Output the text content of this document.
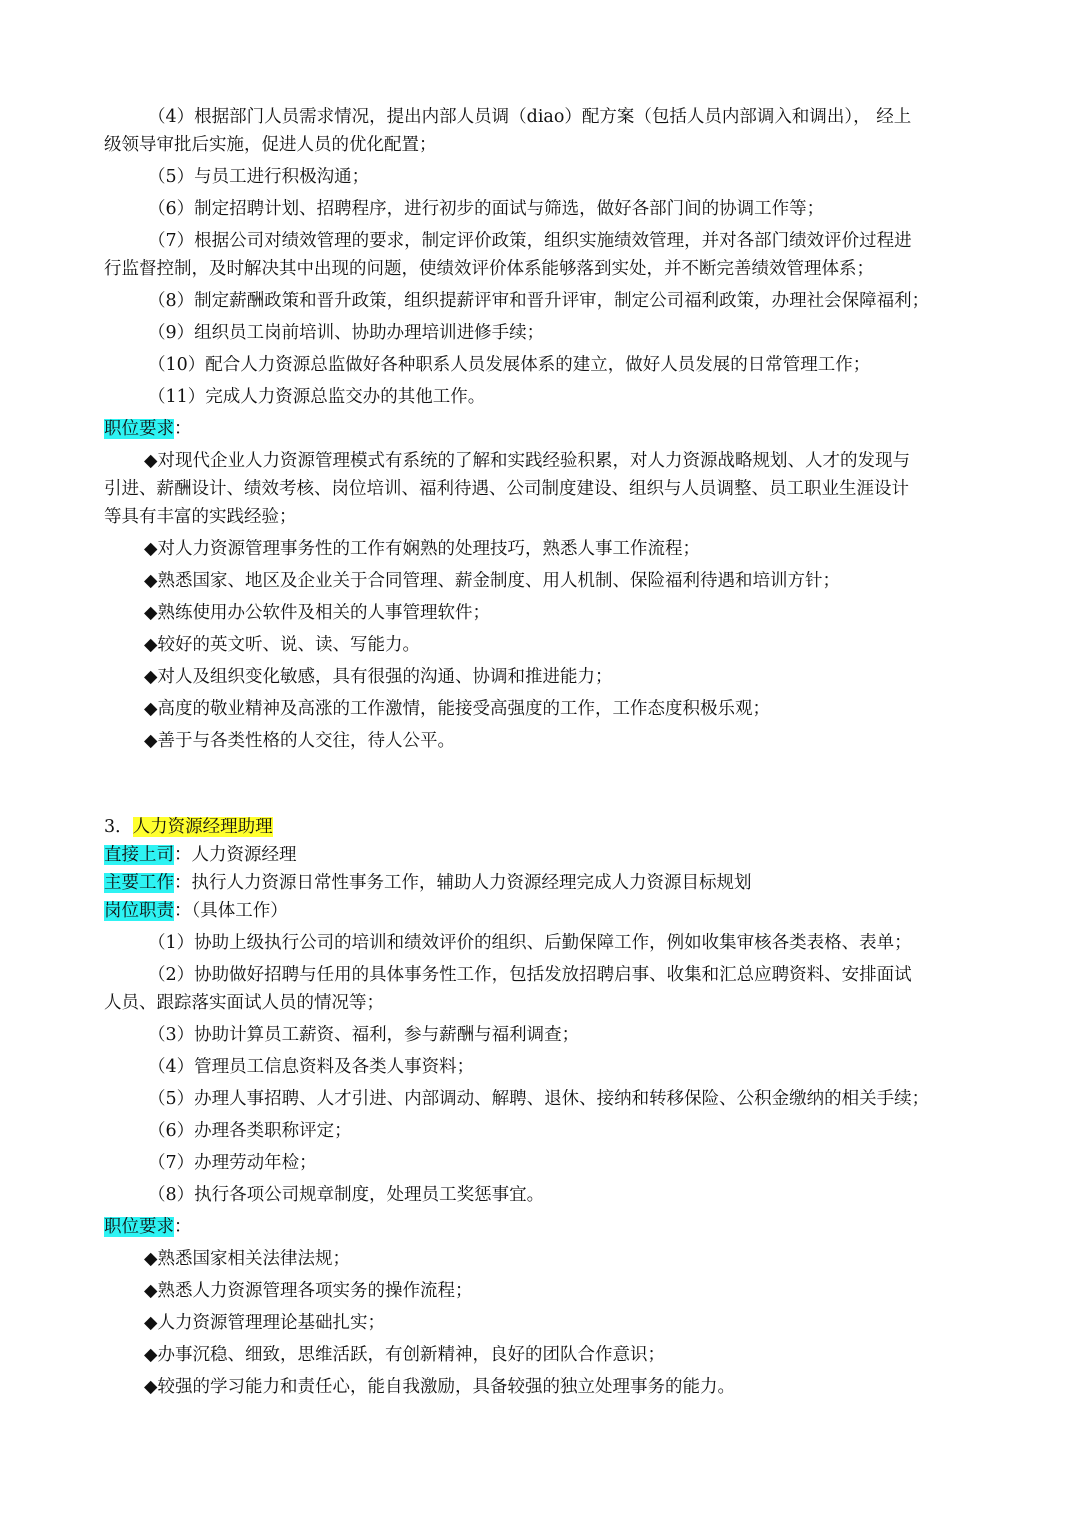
（4）根据部门人员需求情况，提出内部人员调（diao）配方案（包括人员内部调入和调出）， 经上
级领导审批后实施，促进人员的优化配置；
（5）与员工进行积极沟通；
（6）制定招聘计划、招聘程序，进行初步的面试与筛选，做好各部门间的协调工作等；
（7）根据公司对绩效管理的要求，制定评价政策，组织实施绩效管理，并对各部门绩效评价过程进
行监督控制，及时解决其中出现的问题，使绩效评价体系能够落到实处，并不断完善绩效管理体系；
（8）制定薪酬政策和晋升政策，组织提薪评审和晋升评审，制定公司福利政策，办理社会保障福利；
（9）组织员工岗前培训、协助办理培训进修手续；
（10）配合人力资源总监做好各种职系人员发展体系的建立，做好人员发展的日常管理工作；
（11）完成人力资源总监交办的其他工作。
职位要求：
◆对现代企业人力资源管理模式有系统的了解和实践经验积累，对人力资源战略规划、人才的发现与
引进、薪酬设计、绩效考核、岗位培训、福利待遇、公司制度建设、组织与人员调整、员工职业生涯设计
等具有丰富的实践经验；
◆对人力资源管理事务性的工作有娴熟的处理技巧，熟悉人事工作流程；
◆熟悉国家、地区及企业关于合同管理、薪金制度、用人机制、保险福利待遇和培训方针；
◆熟练使用办公软件及相关的人事管理软件；
◆较好的英文听、说、读、写能力。
◆对人及组织变化敏感，具有很强的沟通、协调和推进能力；
◆高度的敬业精神及高涨的工作激情，能接受高强度的工作，工作态度积极乐观；
◆善于与各类性格的人交往，待人公平。
3．人力资源经理助理
直接上司：人力资源经理
主要工作：执行人力资源日常性事务工作，辅助人力资源经理完成人力资源目标规划
岗位职责：（具体工作）
（1）协助上级执行公司的培训和绩效评价的组织、后勤保障工作，例如收集审核各类表格、表单；
（2）协助做好招聘与任用的具体事务性工作，包括发放招聘启事、收集和汇总应聘资料、安排面试
人员、跟踪落实面试人员的情况等；
（3）协助计算员工薪资、福利，参与薪酬与福利调查；
（4）管理员工信息资料及各类人事资料；
（5）办理人事招聘、人才引进、内部调动、解聘、退休、接纳和转移保险、公积金缴纳的相关手续；
（6）办理各类职称评定；
（7）办理劳动年检；
（8）执行各项公司规章制度，处理员工奖惩事宜。
职位要求：
◆熟悉国家相关法律法规；
◆熟悉人力资源管理各项实务的操作流程；
◆人力资源管理理论基础扎实；
◆办事沉稳、细致，思维活跃，有创新精神，良好的团队合作意识；
◆较强的学习能力和责任心，能自我激励，具备较强的独立处理事务的能力。
